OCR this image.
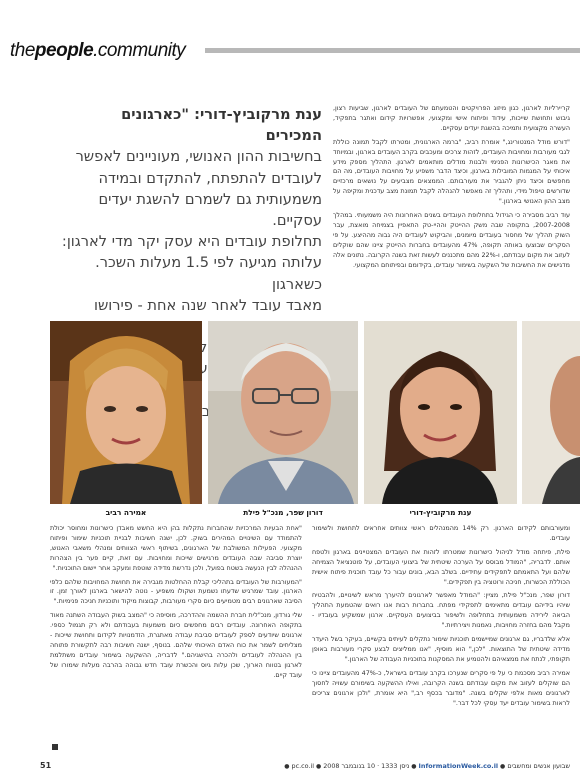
thepeople.community

קריירליות לארגון, כגון מיזוג הפרויקטים והטמעתם של העובדים לארגון, שביעות רצון, גיבוש ותחושת שייכות, עידוד ופיתוח אישי ומקצועי, אפשרויות קידום ואתגר בתפקיד, העשרה מקצועית ותמיכה בהשגת יעדים עסקיים.

"דורש מודל המנטורינג," אומרת רביב, "ברמה הארגונית, ומטרתו לקבל תמונה כוללת לגבי מעורבות ומחויבות העובדים, לזהות צרכים ומעכבים בקרב העובדים בארגון, ובמיוחד את מאגר הכישרונות הפנימי ולבנות מודלים מותאמים לארגון. התהליך מספק מידע איכותי על המגמות המובילות בארגון, וכיצד הדבר משפיע על מחויבות העובדים, מה הם מחפשים וכיצד ניתן להגביר את מעורבותם. הממצאים מצביעים על נושאים מרכזיים שדורשים טיפול מידי, ותהליך זה מאפשר להנהלה לקבל תמונת מצב עדכנית ומקיפה על מצב ההון האנושי בארגון."

עוד רביב מסבירה כי הגידול בתחלופת העובדים בשנים האחרונות היה משמעותי. במהלך 2007-2008, בתקופה שבה משק ההייטק וההיי-טק התאפיין בצמיחה מואצת, עבר השוק תהליך של מחסור בעובדים מיומנים, והביקוש לעובדים היה גבוה מההיצע. על פי הסקרים שבוצעו באותה תקופה, 47% מהעובדים בחברות ההייטק ציינו שהם שוקלים לעזוב את מקום עבודתם, ו-22% מהם מתכננים לעשות זאת בשנה הקרובה. נתונים אלה מדגישים את החשיבות של השקעה בשימור עובדים, בקידומם ובפיתוחם המקצועי.

ענת מרקוביץ-דורי: "כארגונים המכירים
בחשיבות ההון האנושי, מעוניינים לאפשר
לעובדים להתפתח, להתקדם ובמידה
משמעותית גם לשמרם להשגת יעדים עסקיים.
תחלופת עובדים היא עסק יקר מדי לארגון:
עלותה מגיעה לפי 1.5 מעלות השכר. כשארגון
מאבד עובד לאחר שנה אחת - פירושו
אלף

אמירה רביב	דורון שפר, מנכ"ל פילת	ענת מרקוביץ-דורי

"אחת הבעיות המרכזיות שהחברות נתקלות בהן היא החשש מאבדן כישרונות ומחוסר יכולת להתמודד עם השינויים המהירים בשוק. לכן, ישנה חשיבות לבניית תוכניות שימור ופיתוח מקצועי. הפעילות המשולבת של הארגונים, בשיתוף ראשי הצוותים ומנהלי משאבי האנוש, יוצרת סביבה שבה העובדים מרגישים שייכות ומחויבות. עם זאת, קיים פער בין הצהרות ההנהלה לבין הנעשה בשטח בפועל, ולכן נדרשת מדידה שוטפת ומעקב אחר יישום התוכניות."

"המעורבות של העובדים בתהליכי קבלת ההחלטות מגבירה את תחושת המחויבות שלהם כלפי הארגון. עובד שמרגיש שדעתו נשמעת ושקולו משפיע - נוטה להישאר בארגון לאורך זמן. זו הסיבה שארגונים רבים מטמיעים כיום סקרי מעורבות, קבוצות מיקוד ותוכניות חניכה פנימיות."

שלי גורדון, מנכ"לית חברת ההשמה וההדרכה, מוסיפה כי "המצב בשוק העבודה השתנה מאוד בתקופה האחרונה. עובדים רבים מחפשים כיום משמעות בעבודתם ולא רק תגמול כספי. ארגונים שיודעים לספק לעובדים סביבת עבודה מאתגרת, הזדמנויות לקידום ותחושת שייכות - מצליחים לשמר את כוח האדם האיכותי שלהם. בנוסף, ישנה חשיבות רבה לתקשורת פתוחה בין ההנהלה לעובדים ולהכרה בהישגיהם." לדבריה, ההשקעה בשימור עובדים משתלמת לארגון בטווח הארוך, שכן עלות גיוס והכשרת עובד חדש גבוהה בהרבה מעלות שימורו של עובד קיים.

ומעורבותם לקידום הארגון. רק 14% מהמנהלים ראשי צוותים אחראים לתחושת ולשימור עובדים.

פילת, פיתחה מודל לניהול כישרונות שמטרתו לזהות את העובדים המצטיינים בארגון ולטפח אותם. לדבריה, "המודל מבוסס על הערכה שיטתית של ביצועי העובדים, על פוטנציאל הצמיחה שלהם ועל התאמתם לתפקידים עתידיים. בשלב הבא, בונים עבור כל עובד תוכנית פיתוח אישית הכוללת הכשרות, חניכה ורוטציה בין תפקידים."

דורון שפר, מנכ"ל פילת, מציין: "המודל מאפשר לארגונים להיערך מראש לשינויים, ולהבטיח שיהיו בידיהם עובדים מתאימים לתפקידי מפתח. בחברות רבות אנו רואים שהטמעת התהליך הביאה לירידה משמעותית בתחלופה ולשיפור בביצועים העסקיים. ארגון שמשקיע בעובדיו - מקבל מהם בחזרה מחויבות, נאמנות ויצירתיות."

אלא שלדבריו, גם ארגונים שמיישמים תוכניות שימור נתקלים לעיתים בקשיים, בעיקר בשל היעדר מדידה שיטתית של התוצאות. "לכן," הוא מוסיף, "אנו ממליצים לבצע סקרי מעורבות באופן תקופתי, לנתח את ממצאיהם ולהטמיע את המסקנות בתוכניות העבודה של הארגון."

אמירה רביב מסכמת כי על פי סקרים שנערכו בקרב עובדים בישראל, כ-47% מהעובדים ציינו כי הם שוקלים לעזוב את מקום עבודתם בשנה הקרובה, ואילו ההשקעה בשימורם עשויה לחסוך לארגונים מאות אלפי שקלים בשנה. "מדובר בכסף רב," היא אומרת, "ולכן ארגונים צריכים לראות בשימור עובדים יעד עסקי לכל דבר."

51	שבועון אנשים ומחשבים ● InformationWeek.co.il ● ניסן 1333 · 10 בנובמבר 2008 ● pc.co.il ●
